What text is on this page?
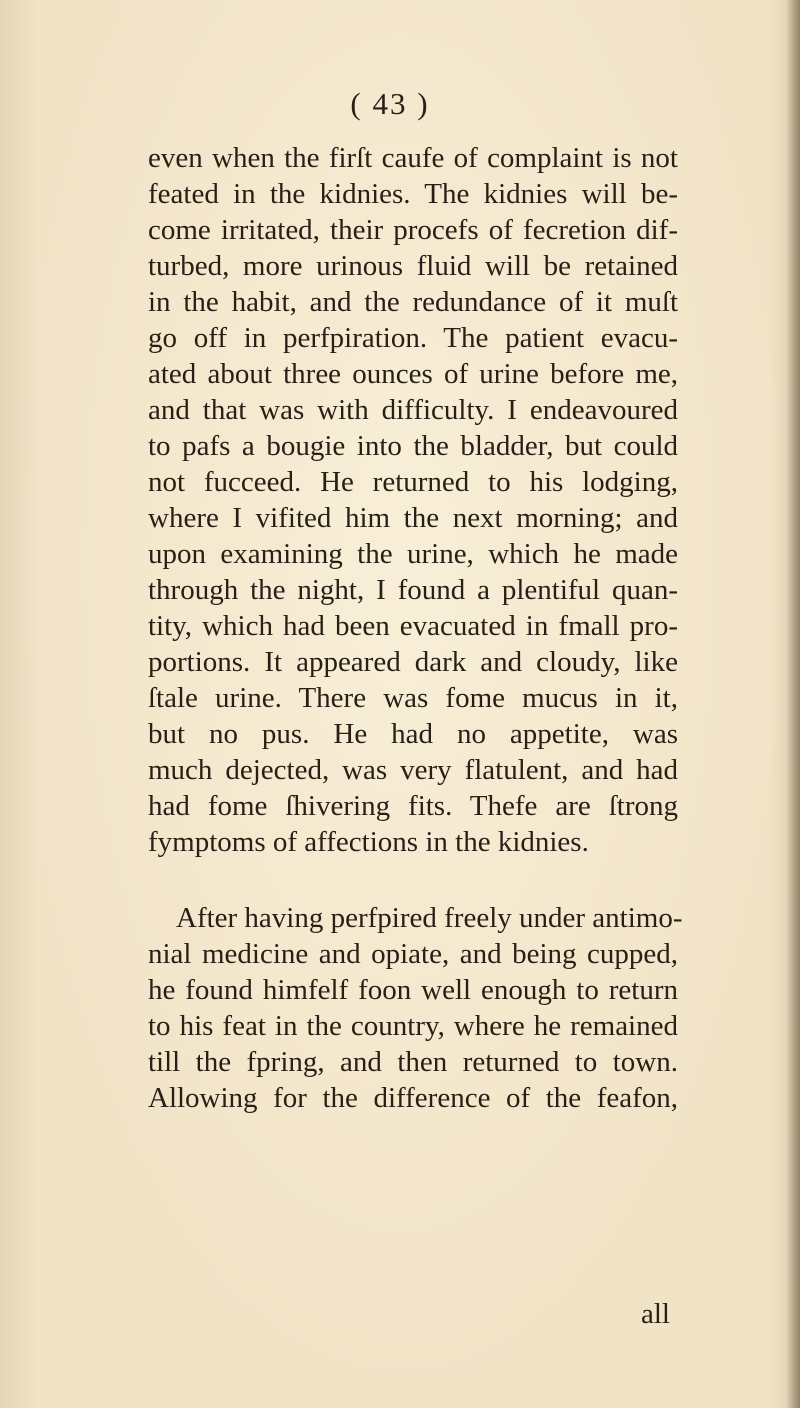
( 43 )
even when the firſt caufe of complaint is not
feated in the kidnies. The kidnies will be-
come irritated, their procefs of fecretion dif-
turbed, more urinous fluid will be retained
in the habit, and the redundance of it muſt
go off in perfpiration. The patient evacu-
ated about three ounces of urine before me,
and that was with difficulty. I endeavoured
to pafs a bougie into the bladder, but could
not fucceed. He returned to his lodging,
where I vifited him the next morning; and
upon examining the urine, which he made
through the night, I found a plentiful quan-
tity, which had been evacuated in fmall pro-
portions. It appeared dark and cloudy, like
ſtale urine. There was fome mucus in it,
but no pus. He had no appetite, was
much dejected, was very flatulent, and had
had fome ſhivering fits. Thefe are ſtrong
fymptoms of affections in the kidnies.
After having perfpired freely under antimo-
nial medicine and opiate, and being cupped,
he found himfelf foon well enough to return
to his feat in the country, where he remained
till the fpring, and then returned to town.
Allowing for the difference of the feafon,
all
